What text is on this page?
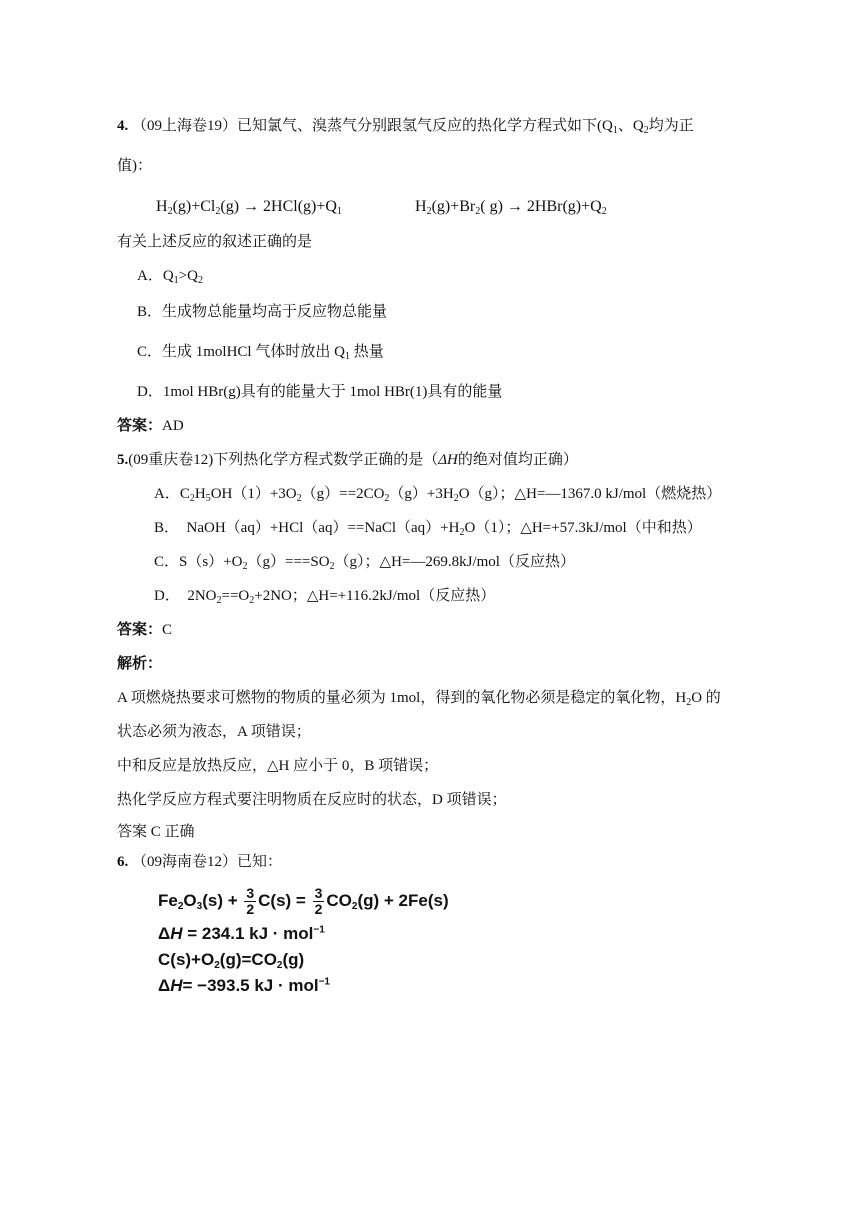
4. （09上海卷19）已知氯气、溴蒸气分别跟氢气反应的热化学方程式如下($Q_1$、$Q_2$均为正
值)：
$H_2(g)+Cl_2(g) \to 2HCl(g)+Q_1$	$H_2(g)+Br_2$( $g) \to 2HBr(g)+Q_2$
有关上述反应的叙述正确的是
A．$Q_1>Q_2$
B．生成物总能量均高于反应物总能量
C．生成 1molHCl 气体时放出 $Q_1$ 热量
D．1mol HBr(g)具有的能量大于 1mol HBr(1)具有的能量
答案：AD
5.(09重庆卷12)下列热化学方程式数学正确的是（ΔH的绝对值均正确）
A．$C_2H_5OH(1)+3O_2(g)==2CO_2(g)+3H_2O(g)$；△H=—1367.0 kJ/mol（燃烧热）
B．  $NaOH(aq)+HCl(aq)==NaCl(aq)+H_2O(1)$；△H=+57.3kJ/mol（中和热）
C．$S(s)+O_2(g)===SO_2(g)$；△H=—269.8kJ/mol（反应热）
D．  $2NO_2==O_2+2NO$；△H=+116.2kJ/mol（反应热）
答案：C
解析：
A 项燃烧热要求可燃物的物质的量必须为 1mol，得到的氧化物必须是稳定的氧化物，$H_2O$ 的
状态必须为液态，A 项错误；
中和反应是放热反应，△H 应小于 0，B 项错误；
热化学反应方程式要注明物质在反应时的状态，D 项错误；
答案 C 正确
6. （09海南卷12）已知：
$Fe_2O_3(s) + \frac{3}{2} C(s) = \frac{3}{2} CO_2(g) + 2Fe(s)$
ΔH = 234.1 kJ · mol$^{-1}$
$C(s)+O_2(g)=CO_2(g)$
ΔH= −393.5 kJ · mol$^{-1}$
